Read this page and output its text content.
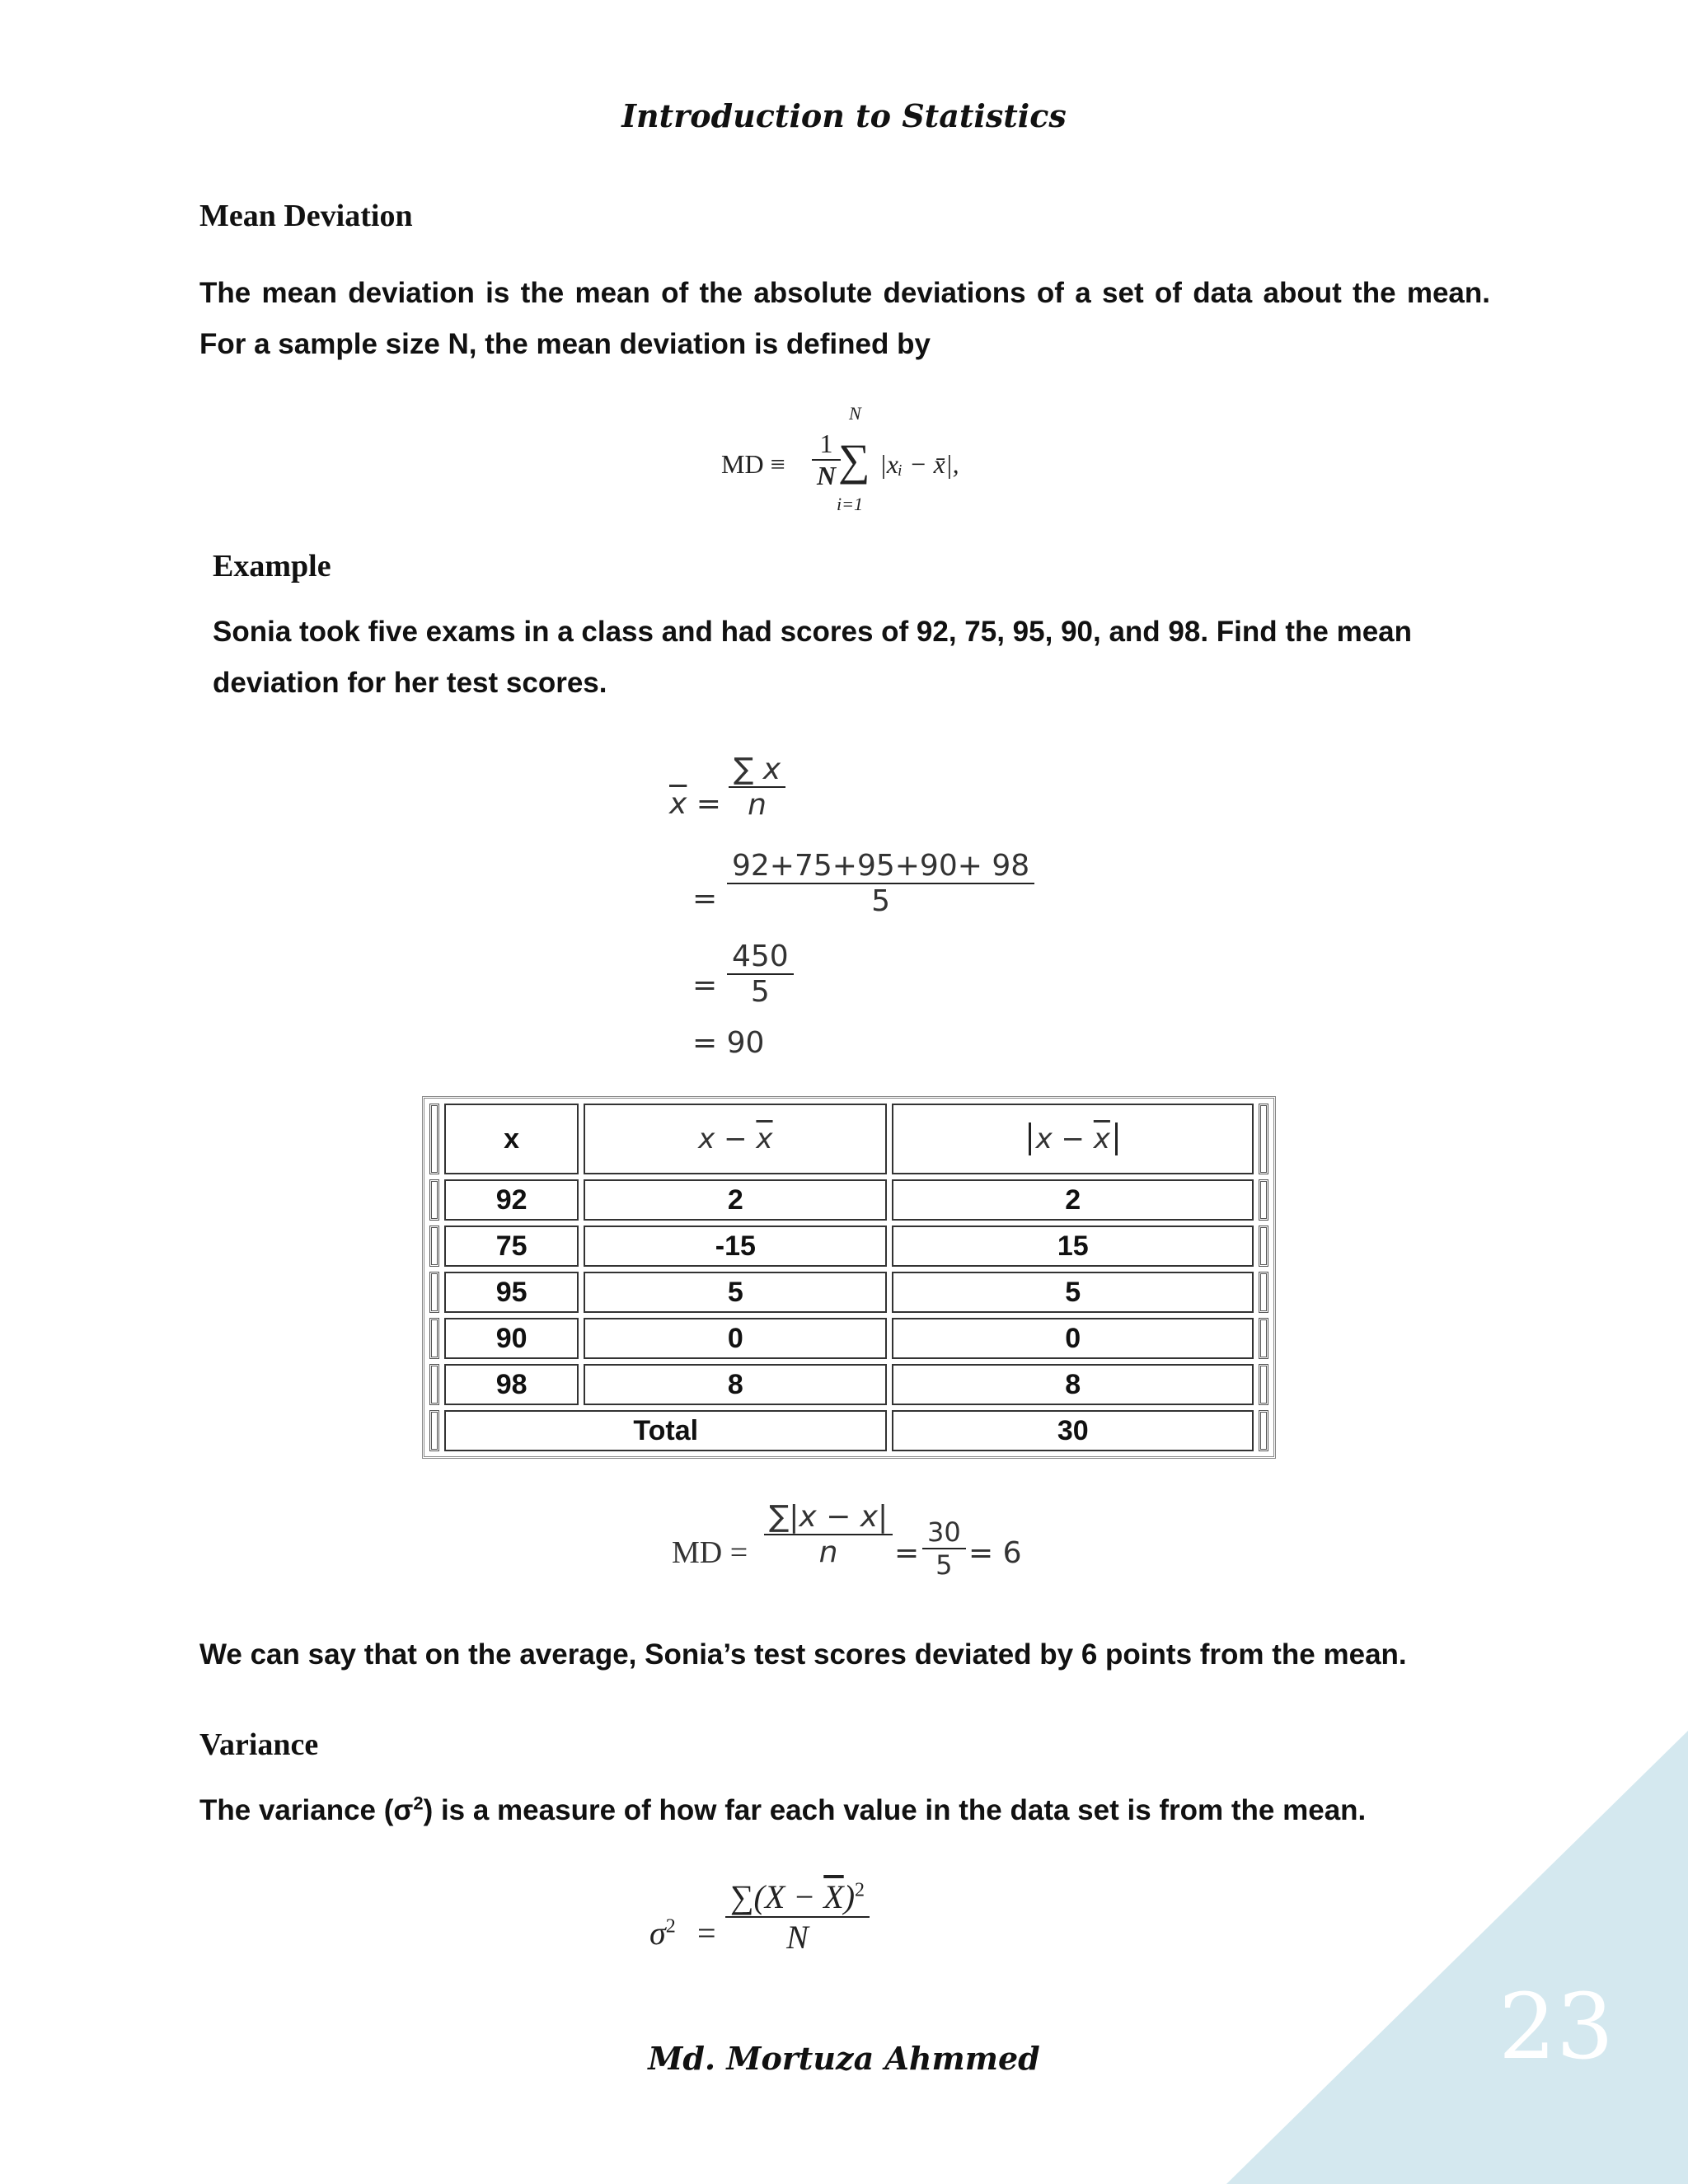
Introduction to Statistics
Mean Deviation
The mean deviation is the mean of the absolute deviations of a set of data about the mean. For a sample size N, the mean deviation is defined by
MD ≡ $\frac{1}{N}$
N
∑
i=1
|xᵢ − x̄|,
Example
Sonia took five exams in a class and had scores of 92, 75, 95, 90, and 98. Find the mean deviation for her test scores.
$\overline{x} = \frac{\sum x}{n}$
= $\frac{92+75+95+90+ 98}{5}$
= $\frac{450}{5}$
= 90
	x	$x - \overline{x}$	$x - \overline{x}$	
	92	2	2	
	75	-15	15	
	95	5	5	
	90	0	0	
	98	8	8	
	Total		30	
MD = $\frac{\sum|x - x|}{n} = \frac{30}{5} = 6$
We can say that on the average, Sonia’s test scores deviated by 6 points from the mean.
Variance
The variance $(\sigma^2)$ is a measure of how far each value in the data set is from the mean.
$\sigma^2 = \frac{\sum(X - \overline{X})^2}{N}$
23
Md. Mortuza Ahmmed
